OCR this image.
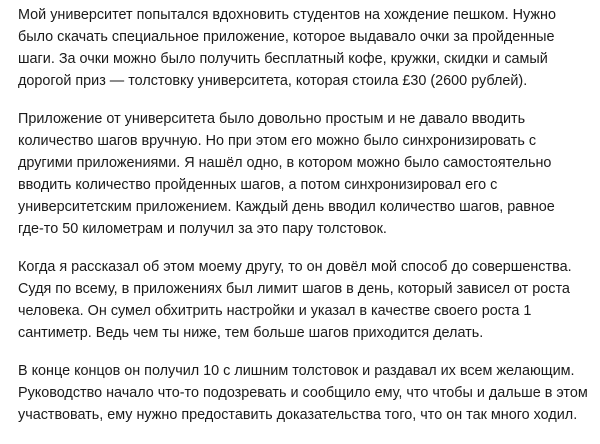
Мой университет попытался вдохновить студентов на хождение пешком. Нужно
было скачать специальное приложение, которое выдавало очки за пройденные
шаги. За очки можно было получить бесплатный кофе, кружки, скидки и самый
дорогой приз — толстовку университета, которая стоила £30 (2600 рублей).

Приложение от университета было довольно простым и не давало вводить
количество шагов вручную. Но при этом его можно было синхронизировать с
другими приложениями. Я нашёл одно, в котором можно было самостоятельно
вводить количество пройденных шагов, а потом синхронизировал его с
университетским приложением. Каждый день вводил количество шагов, равное
где-то 50 километрам и получил за это пару толстовок.

Когда я рассказал об этом моему другу, то он довёл мой способ до совершенства.
Судя по всему, в приложениях был лимит шагов в день, который зависел от роста
человека. Он сумел обхитрить настройки и указал в качестве своего роста 1
сантиметр. Ведь чем ты ниже, тем больше шагов приходится делать.

В конце концов он получил 10 с лишним толстовок и раздавал их всем желающим.
Руководство начало что-то подозревать и сообщило ему, что чтобы и дальше в этом
участвовать, ему нужно предоставить доказательства того, что он так много ходил.
